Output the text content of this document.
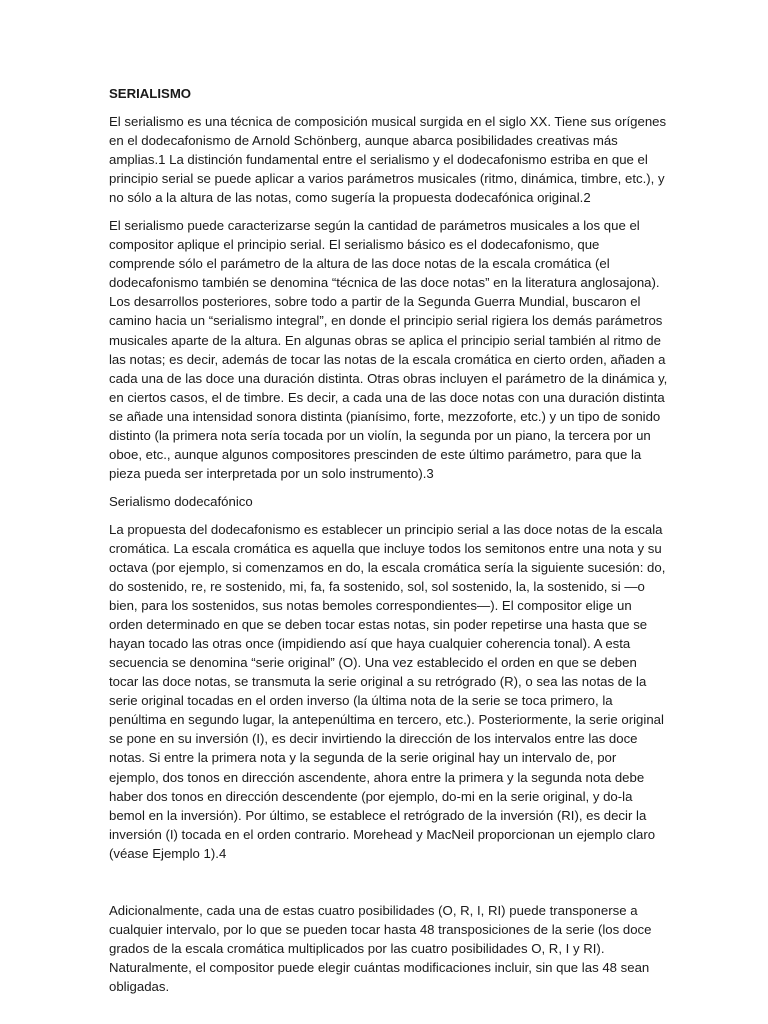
SERIALISMO

El serialismo es una técnica de composición musical surgida en el siglo XX. Tiene sus orígenes en el dodecafonismo de Arnold Schönberg, aunque abarca posibilidades creativas más amplias.1 La distinción fundamental entre el serialismo y el dodecafonismo estriba en que el principio serial se puede aplicar a varios parámetros musicales (ritmo, dinámica, timbre, etc.), y no sólo a la altura de las notas, como sugería la propuesta dodecafónica original.2

El serialismo puede caracterizarse según la cantidad de parámetros musicales a los que el compositor aplique el principio serial. El serialismo básico es el dodecafonismo, que comprende sólo el parámetro de la altura de las doce notas de la escala cromática (el dodecafonismo también se denomina “técnica de las doce notas” en la literatura anglosajona). Los desarrollos posteriores, sobre todo a partir de la Segunda Guerra Mundial, buscaron el camino hacia un “serialismo integral”, en donde el principio serial rigiera los demás parámetros musicales aparte de la altura. En algunas obras se aplica el principio serial también al ritmo de las notas; es decir, además de tocar las notas de la escala cromática en cierto orden, añaden a cada una de las doce una duración distinta. Otras obras incluyen el parámetro de la dinámica y, en ciertos casos, el de timbre. Es decir, a cada una de las doce notas con una duración distinta se añade una intensidad sonora distinta (pianísimo, forte, mezzoforte, etc.) y un tipo de sonido distinto (la primera nota sería tocada por un violín, la segunda por un piano, la tercera por un oboe, etc., aunque algunos compositores prescinden de este último parámetro, para que la pieza pueda ser interpretada por un solo instrumento).3

Serialismo dodecafónico

La propuesta del dodecafonismo es establecer un principio serial a las doce notas de la escala cromática. La escala cromática es aquella que incluye todos los semitonos entre una nota y su octava (por ejemplo, si comenzamos en do, la escala cromática sería la siguiente sucesión: do, do sostenido, re, re sostenido, mi, fa, fa sostenido, sol, sol sostenido, la, la sostenido, si —o bien, para los sostenidos, sus notas bemoles correspondientes—). El compositor elige un orden determinado en que se deben tocar estas notas, sin poder repetirse una hasta que se hayan tocado las otras once (impidiendo así que haya cualquier coherencia tonal). A esta secuencia se denomina “serie original” (O). Una vez establecido el orden en que se deben tocar las doce notas, se transmuta la serie original a su retrógrado (R), o sea las notas de la serie original tocadas en el orden inverso (la última nota de la serie se toca primero, la penúltima en segundo lugar, la antepenúltima en tercero, etc.). Posteriormente, la serie original se pone en su inversión (I), es decir invirtiendo la dirección de los intervalos entre las doce notas. Si entre la primera nota y la segunda de la serie original hay un intervalo de, por ejemplo, dos tonos en dirección ascendente, ahora entre la primera y la segunda nota debe haber dos tonos en dirección descendente (por ejemplo, do-mi en la serie original, y do-la bemol en la inversión). Por último, se establece el retrógrado de la inversión (RI), es decir la inversión (I) tocada en el orden contrario. Morehead y MacNeil proporcionan un ejemplo claro (véase Ejemplo 1).4

Adicionalmente, cada una de estas cuatro posibilidades (O, R, I, RI) puede transponerse a cualquier intervalo, por lo que se pueden tocar hasta 48 transposiciones de la serie (los doce grados de la escala cromática multiplicados por las cuatro posibilidades O, R, I y RI). Naturalmente, el compositor puede elegir cuántas modificaciones incluir, sin que las 48 sean obligadas.
